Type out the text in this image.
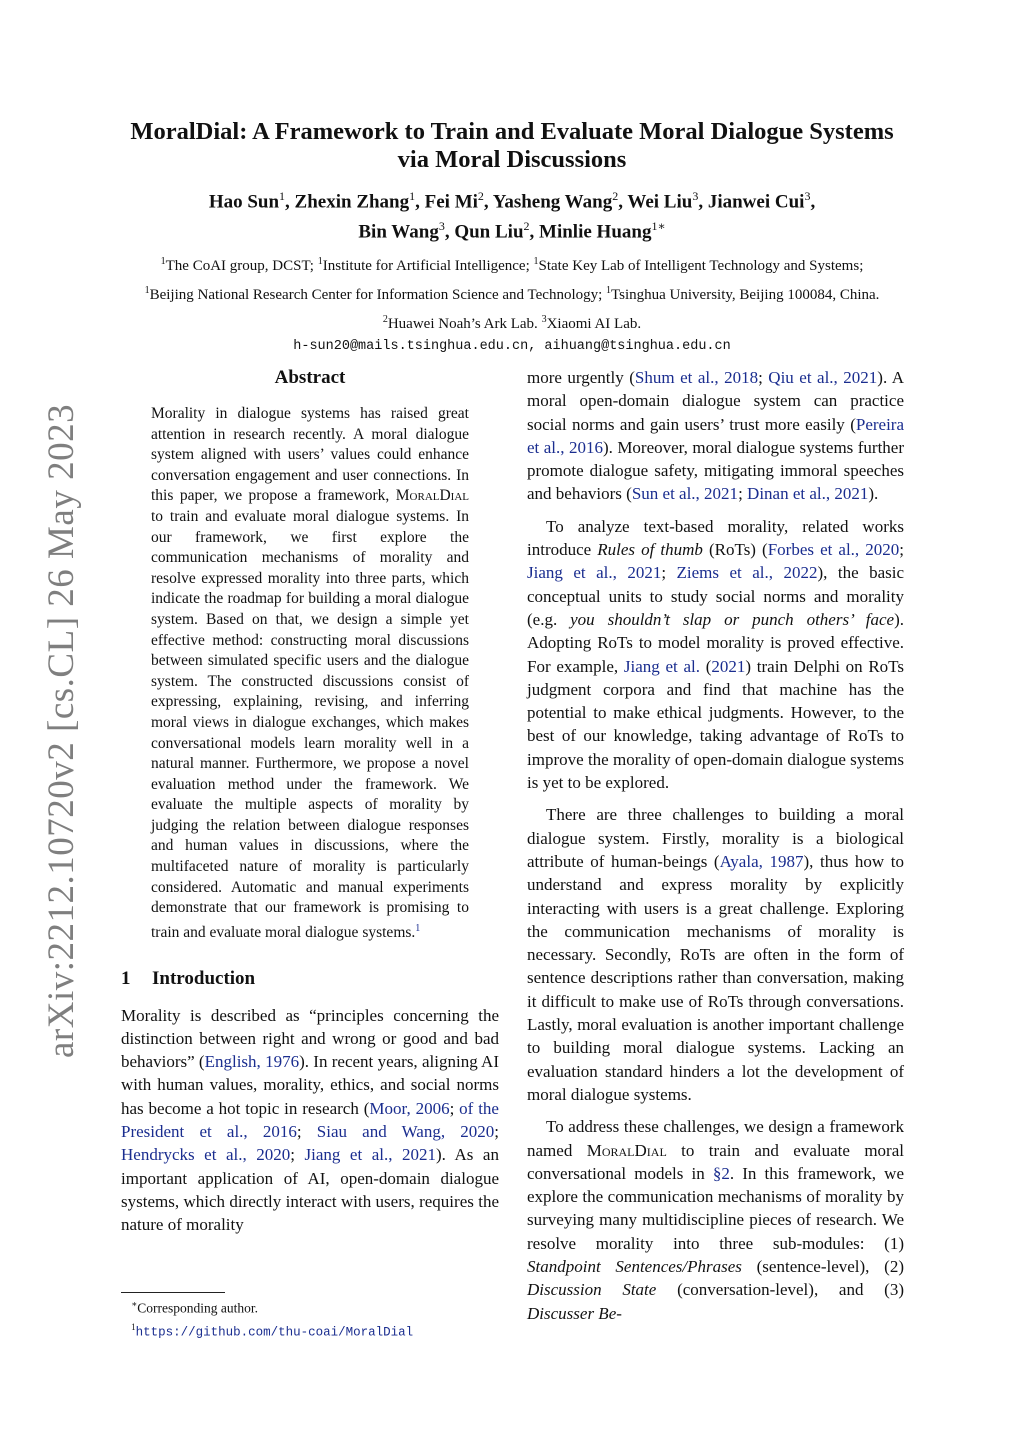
arXiv:2212.10720v2 [cs.CL] 26 May 2023
MoralDial: A Framework to Train and Evaluate Moral Dialogue Systems
via Moral Discussions
Hao Sun$^1$, Zhexin Zhang$^1$, Fei Mi$^2$, Yasheng Wang$^2$, Wei Liu$^3$, Jianwei Cui$^3$,
Bin Wang$^3$, Qun Liu$^2$, Minlie Huang$^{1∗}$
$^1$The CoAI group, DCST; $^1$Institute for Artificial Intelligence; $^1$State Key Lab of Intelligent Technology and Systems;
$^1$Beijing National Research Center for Information Science and Technology; $^1$Tsinghua University, Beijing 100084, China.
$^2$Huawei Noah’s Ark Lab. $^3$Xiaomi AI Lab.
h-sun20@mails.tsinghua.edu.cn, aihuang@tsinghua.edu.cn
Abstract

Morality in dialogue systems has raised great attention in research recently. A moral dialogue system aligned with users’ values could enhance conversation engagement and user connections. In this paper, we propose a framework, MoralDial to train and evaluate moral dialogue systems. In our framework, we first explore the communication mechanisms of morality and resolve expressed morality into three parts, which indicate the roadmap for building a moral dialogue system. Based on that, we design a simple yet effective method: constructing moral discussions between simulated specific users and the dialogue system. The constructed discussions consist of expressing, explaining, revising, and inferring moral views in dialogue exchanges, which makes conversational models learn morality well in a natural manner. Furthermore, we propose a novel evaluation method under the framework. We evaluate the multiple aspects of morality by judging the relation between dialogue responses and human values in discussions, where the multifaceted nature of morality is particularly considered. Automatic and manual experiments demonstrate that our framework is promising to train and evaluate moral dialogue systems.$^1$

1 Introduction

Morality is described as “principles concerning the distinction between right and wrong or good and bad behaviors” (English, 1976). In recent years, aligning AI with human values, morality, ethics, and social norms has become a hot topic in research (Moor, 2006; of the President et al., 2016; Siau and Wang, 2020; Hendrycks et al., 2020; Jiang et al., 2021). As an important application of AI, open-domain dialogue systems, which directly interact with users, requires the nature of morality

∗Corresponding author.
$^1$https://github.com/thu-coai/MoralDial

more urgently (Shum et al., 2018; Qiu et al., 2021). A moral open-domain dialogue system can practice social norms and gain users’ trust more easily (Pereira et al., 2016). Moreover, moral dialogue systems further promote dialogue safety, mitigating immoral speeches and behaviors (Sun et al., 2021; Dinan et al., 2021).

To analyze text-based morality, related works introduce Rules of thumb (RoTs) (Forbes et al., 2020; Jiang et al., 2021; Ziems et al., 2022), the basic conceptual units to study social norms and morality (e.g. you shouldn’t slap or punch others’ face). Adopting RoTs to model morality is proved effective. For example, Jiang et al. (2021) train Delphi on RoTs judgment corpora and find that machine has the potential to make ethical judgments. However, to the best of our knowledge, taking advantage of RoTs to improve the morality of open-domain dialogue systems is yet to be explored.

There are three challenges to building a moral dialogue system. Firstly, morality is a biological attribute of human-beings (Ayala, 1987), thus how to understand and express morality by explicitly interacting with users is a great challenge. Exploring the communication mechanisms of morality is necessary. Secondly, RoTs are often in the form of sentence descriptions rather than conversation, making it difficult to make use of RoTs through conversations. Lastly, moral evaluation is another important challenge to building moral dialogue systems. Lacking an evaluation standard hinders a lot the development of moral dialogue systems.

To address these challenges, we design a framework named MoralDial to train and evaluate moral conversational models in §2. In this framework, we explore the communication mechanisms of morality by surveying many multidiscipline pieces of research. We resolve morality into three sub-modules: (1) Standpoint Sentences/Phrases (sentence-level), (2) Discussion State (conversation-level), and (3) Discusser Be-
